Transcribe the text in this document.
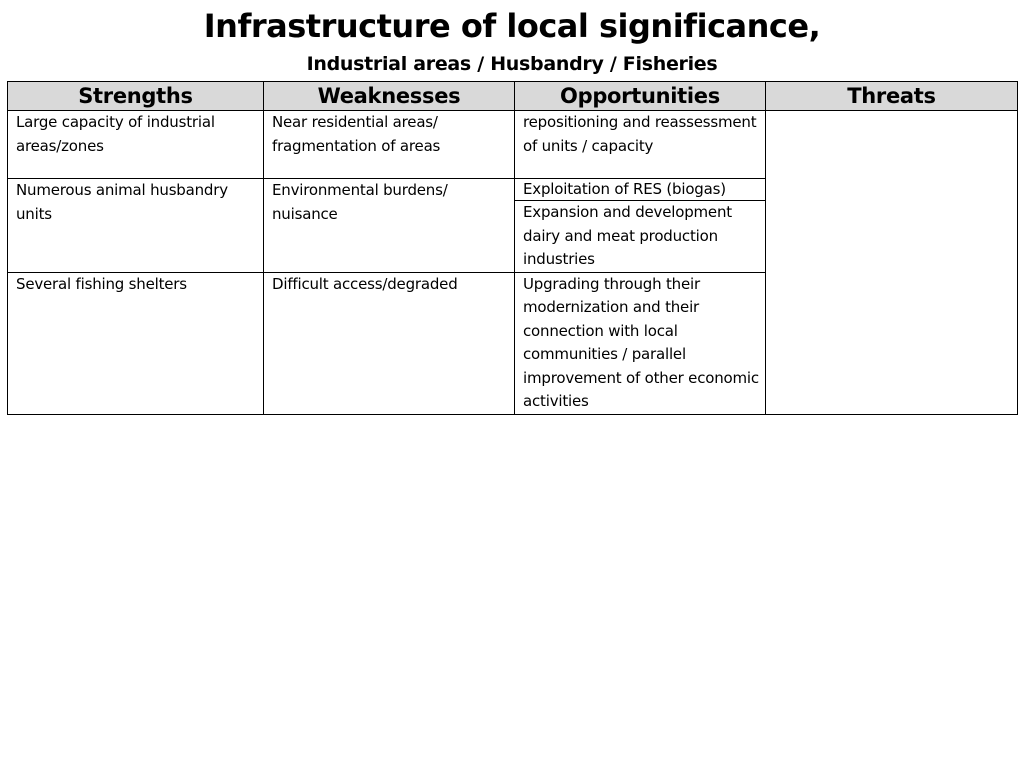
Infrastructure of local significance,
Industrial areas / Husbandry / Fisheries
Strengths	Weaknesses	Opportunities	Threats
Large capacity of industrial areas/zones	Near residential areas/ fragmentation of areas	repositioning and reassessment of units / capacity	
Numerous animal husbandry units	Environmental burdens/ nuisance	Exploitation of RES (biogas)	
		Expansion and development dairy and meat production industries	
Several fishing shelters	Difficult access/degraded	Upgrading through their modernization and their connection with local communities / parallel improvement of other economic activities	
